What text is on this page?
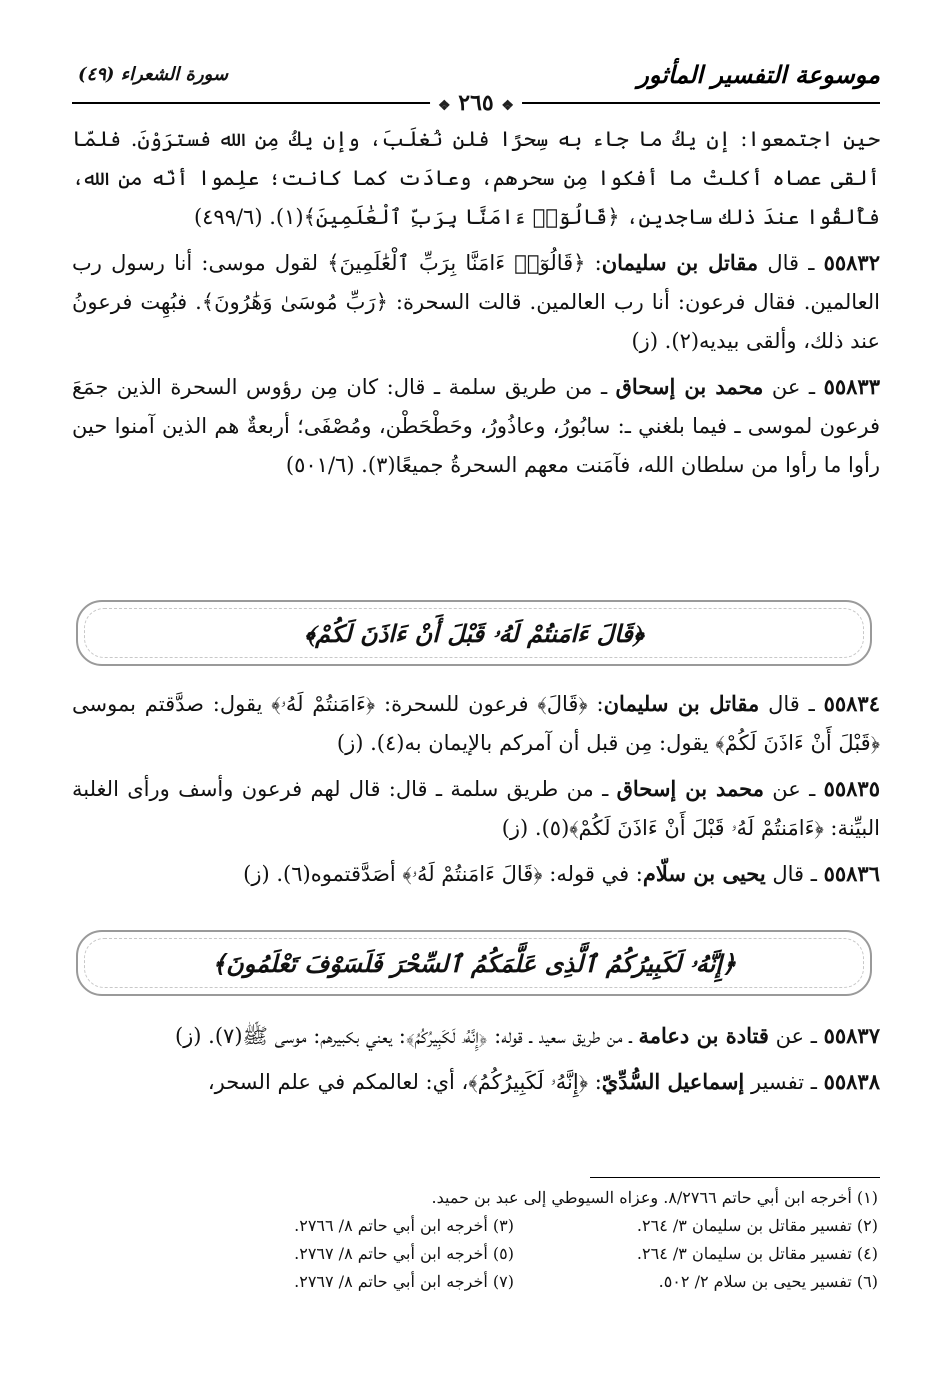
موسوعة التفسير المأثور
سورة الشعراء (٤٩)
❖ ٢٦٥ ❖

حين اجتمعوا: إن يكُ ما جاء به سِحرًا فلن نُغلَبَ، وإن يكُ مِن الله فسترَوْنَ. فلمّا ألقى عصاه أكلتْ ما أفكوا مِن سحرهم، وعادَت كما كانت؛ علِموا أنّه من الله، فأُلقُوا عندَ ذلك ساجدين، ﴿قَالُوٓا۟ ءَامَنَّا بِرَبِّ ٱلْعَٰلَمِينَ﴾(١). (٤٩٩/٦)

٥٥٨٣٢ ـ قال مقاتل بن سليمان: ﴿قَالُوٓا۟ ءَامَنَّا بِرَبِّ ٱلْعَٰلَمِينَ﴾ لقول موسى: أنا رسول رب العالمين. فقال فرعون: أنا رب العالمين. قالت السحرة: ﴿رَبِّ مُوسَىٰ وَهَٰرُونَ﴾. فبُهِت فرعونُ عند ذلك، وألقى بيديه(٢). (ز)

٥٥٨٣٣ ـ عن محمد بن إسحاق ـ من طريق سلمة ـ قال: كان مِن رؤوس السحرة الذين جمَعَ فرعون لموسى ـ فيما بلغني ـ: سابُورُ، وعاذُورُ، وحَطْحَطْن، ومُصْفَى؛ أربعةٌ هم الذين آمنوا حين رأوا ما رأوا من سلطان الله، فآمَنت معهم السحرةُ جميعًا(٣). (٥٠١/٦)

﴿قَالَ ءَامَنتُمْ لَهُۥ قَبْلَ أَنْ ءَاذَنَ لَكُمْ﴾

٥٥٨٣٤ ـ قال مقاتل بن سليمان: ﴿قَالَ﴾ فرعون للسحرة: ﴿ءَامَنتُمْ لَهُۥ﴾ يقول: صدَّقتم بموسى ﴿قَبْلَ أَنْ ءَاذَنَ لَكُمْ﴾ يقول: مِن قبل أن آمركم بالإيمان به(٤). (ز)

٥٥٨٣٥ ـ عن محمد بن إسحاق ـ من طريق سلمة ـ قال: قال لهم فرعون وأسف ورأى الغلبة البيِّنة: ﴿ءَامَنتُمْ لَهُۥ قَبْلَ أَنْ ءَاذَنَ لَكُمْ﴾(٥). (ز)

٥٥٨٣٦ ـ قال يحيى بن سلّام: في قوله: ﴿قَالَ ءَامَنتُمْ لَهُۥ﴾ أصَدَّقتموه(٦). (ز)

﴿إِنَّهُۥ لَكَبِيرُكُمُ ٱلَّذِى عَلَّمَكُمُ ٱلسِّحْرَ فَلَسَوْفَ تَعْلَمُونَ﴾

٥٥٨٣٧ ـ عن قتادة بن دعامة ـ من طريق سعيد ـ قوله: ﴿إِنَّهُۥ لَكَبِيرُكُمُ﴾: يعني بكبيرهم: موسى ﷺ(٧). (ز)

٥٥٨٣٨ ـ تفسير إسماعيل السُّدِّيّ: ﴿إِنَّهُۥ لَكَبِيرُكُمُ﴾، أي: لعالمكم في علم السحر،

(١) أخرجه ابن أبي حاتم ٨/٢٧٦٦. وعزاه السيوطي إلى عبد بن حميد.
(٢) تفسير مقاتل بن سليمان ٣/ ٢٦٤.
(٣) أخرجه ابن أبي حاتم ٨/ ٢٧٦٦.
(٤) تفسير مقاتل بن سليمان ٣/ ٢٦٤.
(٥) أخرجه ابن أبي حاتم ٨/ ٢٧٦٧.
(٦) تفسير يحيى بن سلام ٢/ ٥٠٢.
(٧) أخرجه ابن أبي حاتم ٨/ ٢٧٦٧.
